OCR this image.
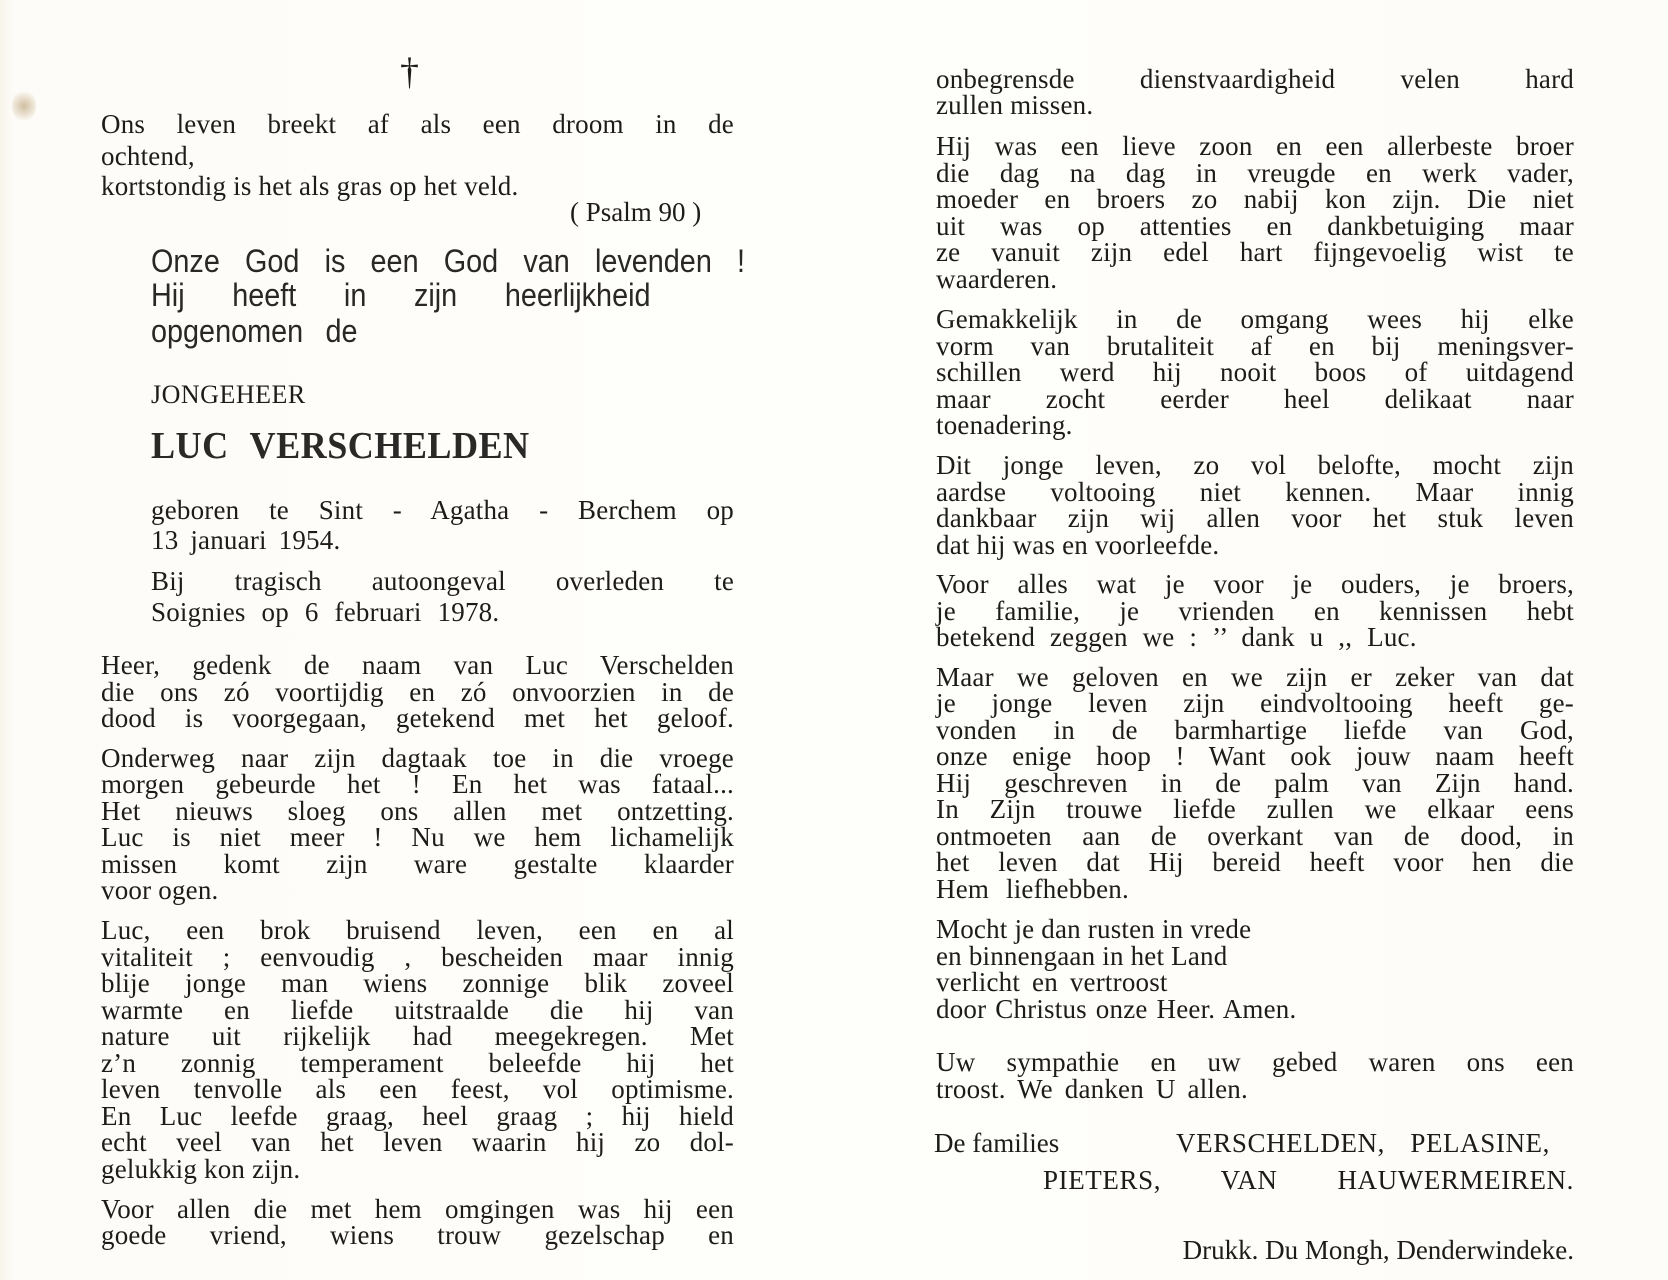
†
Ons leven breekt af als een droom in de
ochtend,
kortstondig is het als gras op het veld.
( Psalm 90 )
Onze God is een God van levenden !
Hij heeft in zijn heerlijkheid
opgenomen de
JONGEHEER
LUC VERSCHELDEN
geboren te Sint - Agatha - Berchem op
13 januari 1954.
Bij tragisch autoongeval overleden te
Soignies op 6 februari 1978.
Heer, gedenk de naam van Luc Verschelden
die ons zó voortijdig en zó onvoorzien in de
dood is voorgegaan, getekend met het geloof.
Onderweg naar zijn dagtaak toe in die vroege
morgen gebeurde het ! En het was fataal...
Het nieuws sloeg ons allen met ontzetting.
Luc is niet meer ! Nu we hem lichamelijk
missen komt zijn ware gestalte klaarder
voor ogen.
Luc, een brok bruisend leven, een en al
vitaliteit ; eenvoudig , bescheiden maar innig
blije jonge man wiens zonnige blik zoveel
warmte en liefde uitstraalde die hij van
nature uit rijkelijk had meegekregen. Met
z’n zonnig temperament beleefde hij het
leven tenvolle als een feest, vol optimisme.
En Luc leefde graag, heel graag ; hij hield
echt veel van het leven waarin hij zo dol-
gelukkig kon zijn.
Voor allen die met hem omgingen was hij een
goede vriend, wiens trouw gezelschap en
onbegrensde dienstvaardigheid velen hard
zullen missen.
Hij was een lieve zoon en een allerbeste broer
die dag na dag in vreugde en werk vader,
moeder en broers zo nabij kon zijn. Die niet
uit was op attenties en dankbetuiging maar
ze vanuit zijn edel hart fijngevoelig wist te
waarderen.
Gemakkelijk in de omgang wees hij elke
vorm van brutaliteit af en bij meningsver-
schillen werd hij nooit boos of uitdagend
maar zocht eerder heel delikaat naar
toenadering.
Dit jonge leven, zo vol belofte, mocht zijn
aardse voltooing niet kennen. Maar innig
dankbaar zijn wij allen voor het stuk leven
dat hij was en voorleefde.
Voor alles wat je voor je ouders, je broers,
je familie, je vrienden en kennissen hebt
betekend zeggen we : ’’ dank u ,, Luc.
Maar we geloven en we zijn er zeker van dat
je jonge leven zijn eindvoltooing heeft ge-
vonden in de barmhartige liefde van God,
onze enige hoop ! Want ook jouw naam heeft
Hij geschreven in de palm van Zijn hand.
In Zijn trouwe liefde zullen we elkaar eens
ontmoeten aan de overkant van de dood, in
het leven dat Hij bereid heeft voor hen die
Hem liefhebben.
Mocht je dan rusten in vrede
en binnengaan in het Land
verlicht en vertroost
door Christus onze Heer. Amen.
Uw sympathie en uw gebed waren ons een
troost. We danken U allen.
De families	VERSCHELDEN, PELASINE,
PIETERS, VAN HAUWERMEIREN.
Drukk. Du Mongh, Denderwindeke.
